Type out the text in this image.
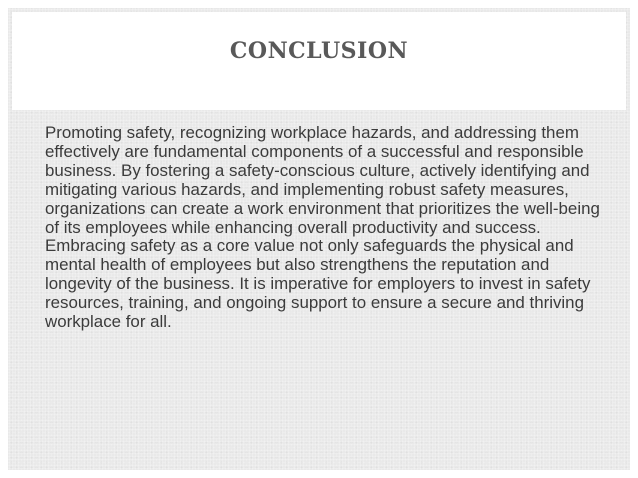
CONCLUSION

Promoting safety, recognizing workplace hazards, and addressing them effectively are fundamental components of a successful and responsible business. By fostering a safety-conscious culture, actively identifying and mitigating various hazards, and implementing robust safety measures, organizations can create a work environment that prioritizes the well-being of its employees while enhancing overall productivity and success. Embracing safety as a core value not only safeguards the physical and mental health of employees but also strengthens the reputation and longevity of the business. It is imperative for employers to invest in safety resources, training, and ongoing support to ensure a secure and thriving workplace for all.
